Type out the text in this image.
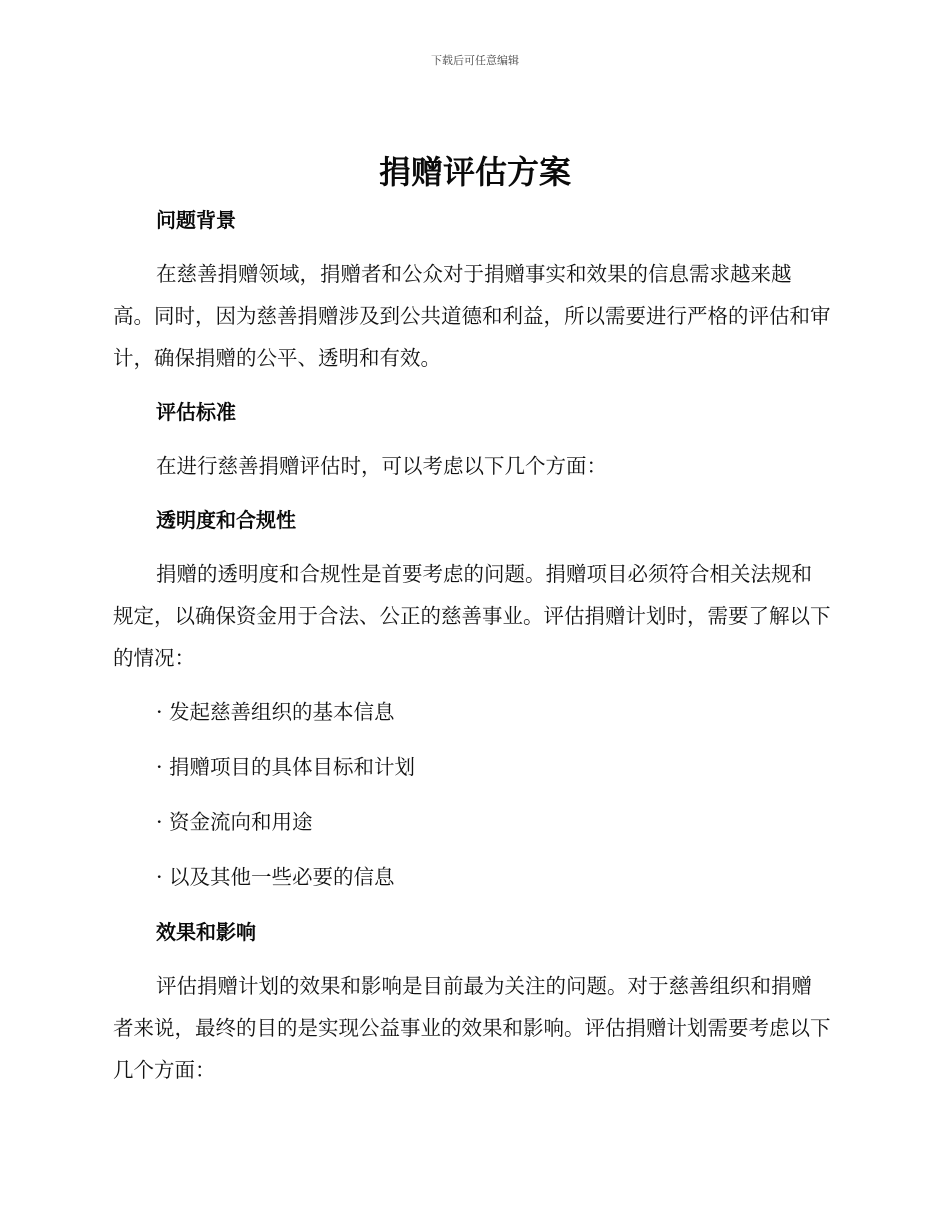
下载后可任意编辑
捐赠评估方案
问题背景

在慈善捐赠领域，捐赠者和公众对于捐赠事实和效果的信息需求越来越高。同时，因为慈善捐赠涉及到公共道德和利益，所以需要进行严格的评估和审计，确保捐赠的公平、透明和有效。

评估标准

在进行慈善捐赠评估时，可以考虑以下几个方面：

透明度和合规性

捐赠的透明度和合规性是首要考虑的问题。捐赠项目必须符合相关法规和规定，以确保资金用于合法、公正的慈善事业。评估捐赠计划时，需要了解以下的情况：

· 发起慈善组织的基本信息
· 捐赠项目的具体目标和计划
· 资金流向和用途
· 以及其他一些必要的信息
效果和影响

评估捐赠计划的效果和影响是目前最为关注的问题。对于慈善组织和捐赠者来说，最终的目的是实现公益事业的效果和影响。评估捐赠计划需要考虑以下几个方面：
